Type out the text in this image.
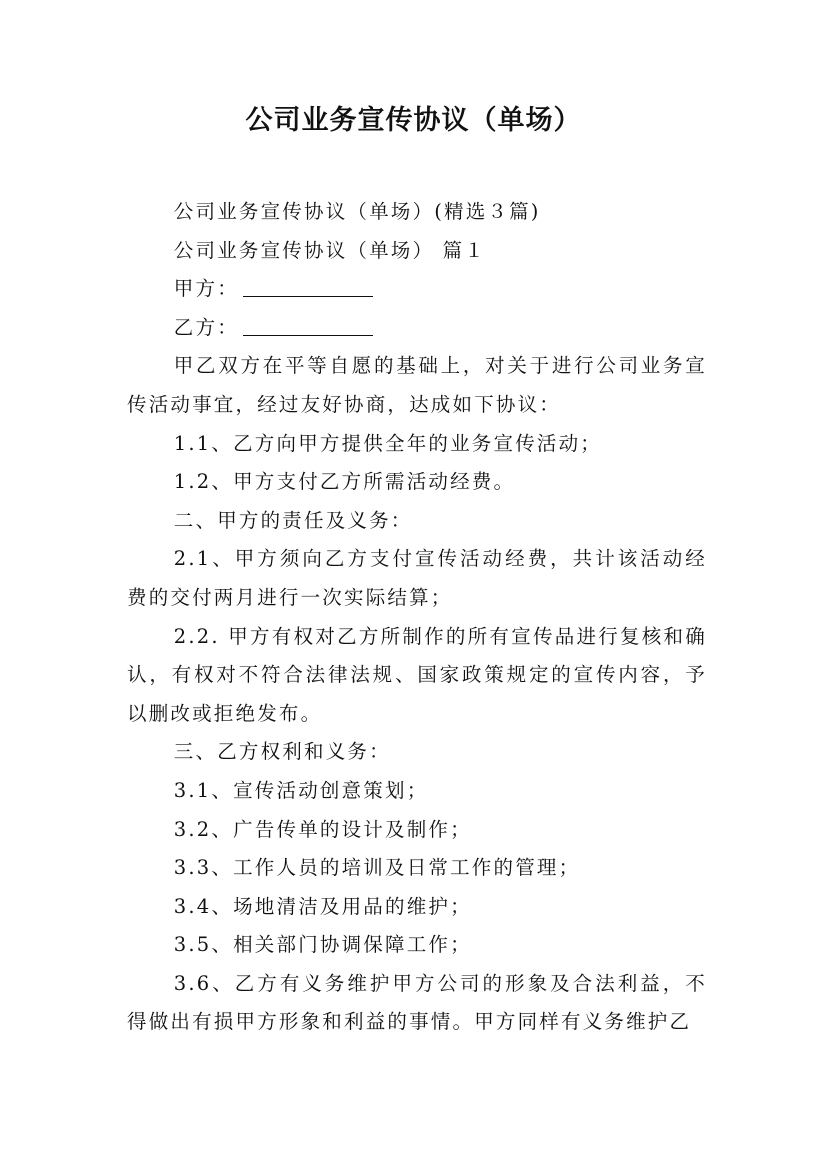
公司业务宣传协议（单场）

公司业务宣传协议（单场）(精选３篇)

公司业务宣传协议（单场） 篇１

甲方：

乙方：

甲乙双方在平等自愿的基础上，对关于进行公司业务宣传活动事宜，经过友好协商，达成如下协议：

1.1、乙方向甲方提供全年的业务宣传活动；

1.2、甲方支付乙方所需活动经费。

二、甲方的责任及义务：

2.1、甲方须向乙方支付宣传活动经费，共计该活动经费的交付两月进行一次实际结算；

2.2. 甲方有权对乙方所制作的所有宣传品进行复核和确认，有权对不符合法律法规、国家政策规定的宣传内容，予以删改或拒绝发布。

三、乙方权利和义务：

3.1、宣传活动创意策划；

3.2、广告传单的设计及制作；

3.3、工作人员的培训及日常工作的管理；

3.4、场地清洁及用品的维护；

3.5、相关部门协调保障工作；

3.6、乙方有义务维护甲方公司的形象及合法利益，不得做出有损甲方形象和利益的事情。甲方同样有义务维护乙
